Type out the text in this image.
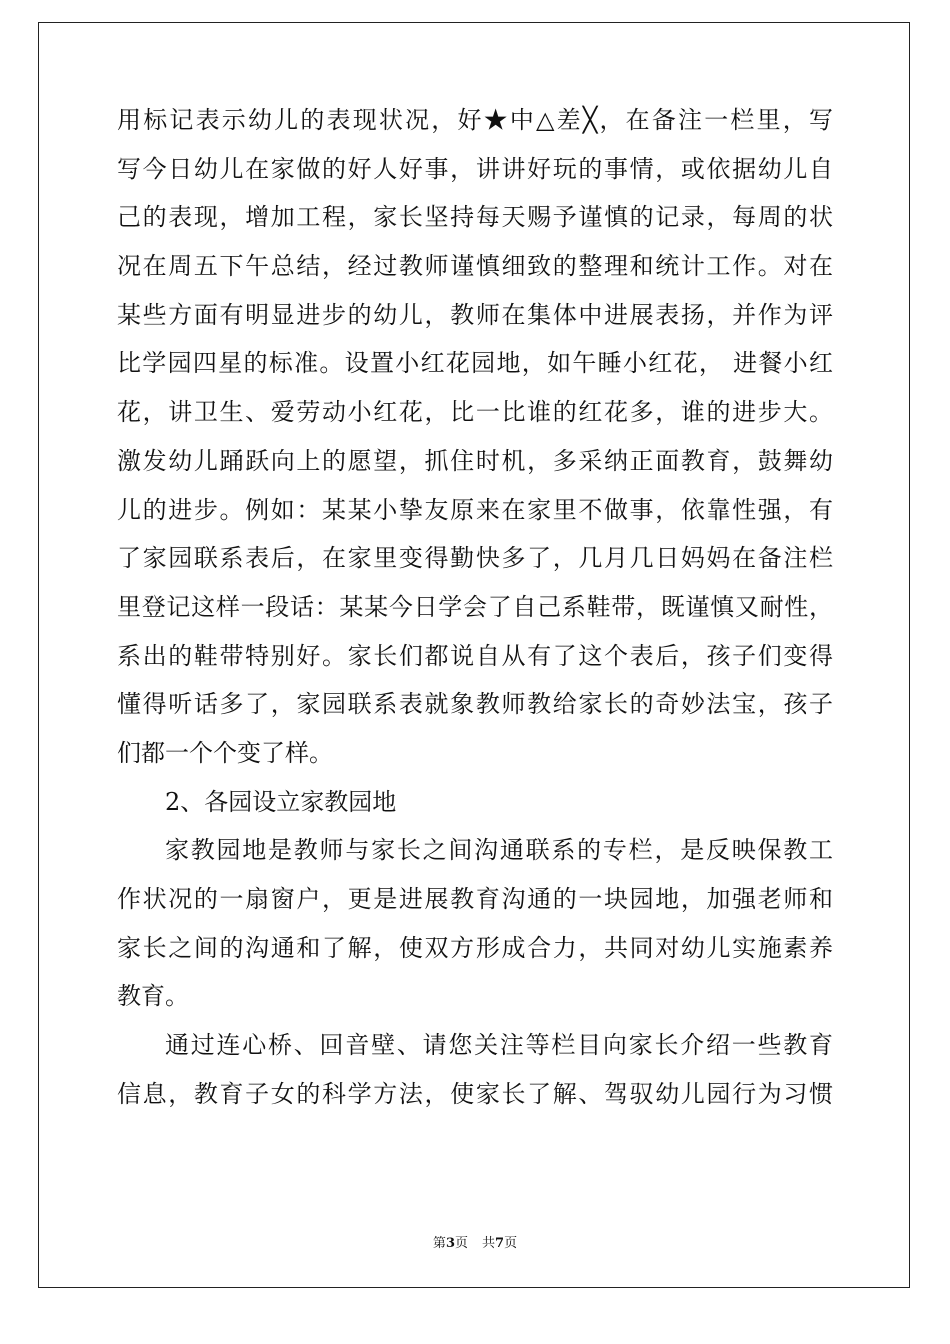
用标记表示幼儿的表现状况，好★中△差╳，在备注一栏里，写
写今日幼儿在家做的好人好事，讲讲好玩的事情，或依据幼儿自
己的表现，增加工程，家长坚持每天赐予谨慎的记录，每周的状
况在周五下午总结，经过教师谨慎细致的整理和统计工作。对在
某些方面有明显进步的幼儿，教师在集体中进展表扬，并作为评
比学园四星的标准。设置小红花园地，如午睡小红花， 进餐小红
花，讲卫生、爱劳动小红花，比一比谁的红花多，谁的进步大。
激发幼儿踊跃向上的愿望，抓住时机，多采纳正面教育，鼓舞幼
儿的进步。例如：某某小挚友原来在家里不做事，依靠性强，有
了家园联系表后，在家里变得勤快多了，几月几日妈妈在备注栏
里登记这样一段话：某某今日学会了自己系鞋带，既谨慎又耐性，
系出的鞋带特别好。家长们都说自从有了这个表后，孩子们变得
懂得听话多了，家园联系表就象教师教给家长的奇妙法宝，孩子
们都一个个变了样。
2、各园设立家教园地
家教园地是教师与家长之间沟通联系的专栏，是反映保教工
作状况的一扇窗户，更是进展教育沟通的一块园地，加强老师和
家长之间的沟通和了解，使双方形成合力，共同对幼儿实施素养
教育。
通过连心桥、回音壁、请您关注等栏目向家长介绍一些教育
信息，教育子女的科学方法，使家长了解、驾驭幼儿园行为习惯
第3页 共7页
